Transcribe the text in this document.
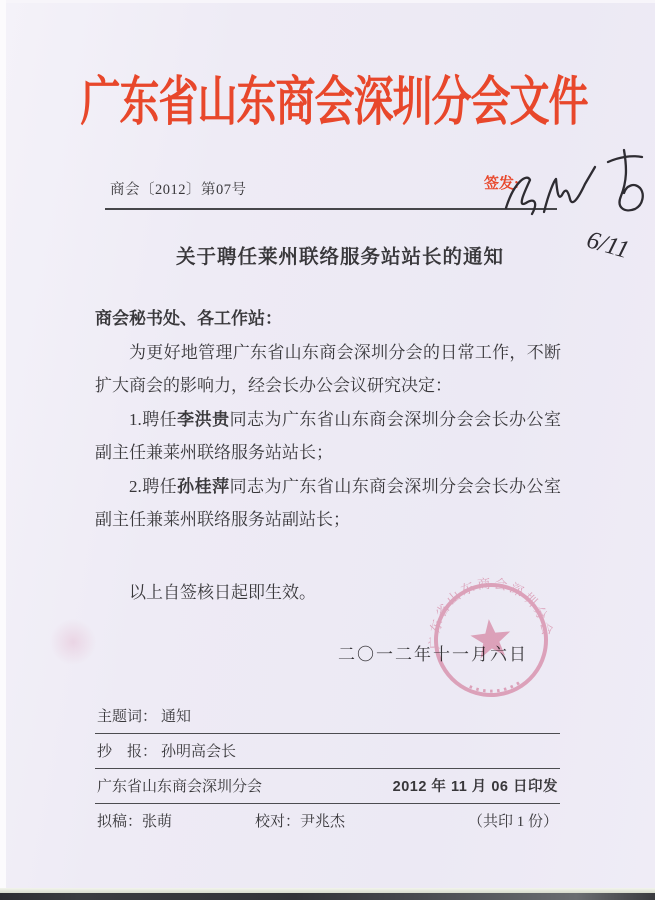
广东省山东商会深圳分会文件
商会〔2012〕第07号	签发:
6/11
关于聘任莱州联络服务站站长的通知
商会秘书处、各工作站：

为更好地管理广东省山东商会深圳分会的日常工作，不断扩大商会的影响力，经会长办公会议研究决定：

1.聘任李洪贵同志为广东省山东商会深圳分会会长办公室副主任兼莱州联络服务站站长；

2.聘任孙桂萍同志为广东省山东商会深圳分会会长办公室副主任兼莱州联络服务站副站长；

以上自签核日起即生效。
二〇一二年十一月六日
广东省山东商会深圳分会
主题词： 通知
抄　报： 孙明高会长
广东省山东商会深圳分会	2012 年 11 月 06 日印发
拟稿：张萌	校对：尹兆杰	（共印 1 份）
